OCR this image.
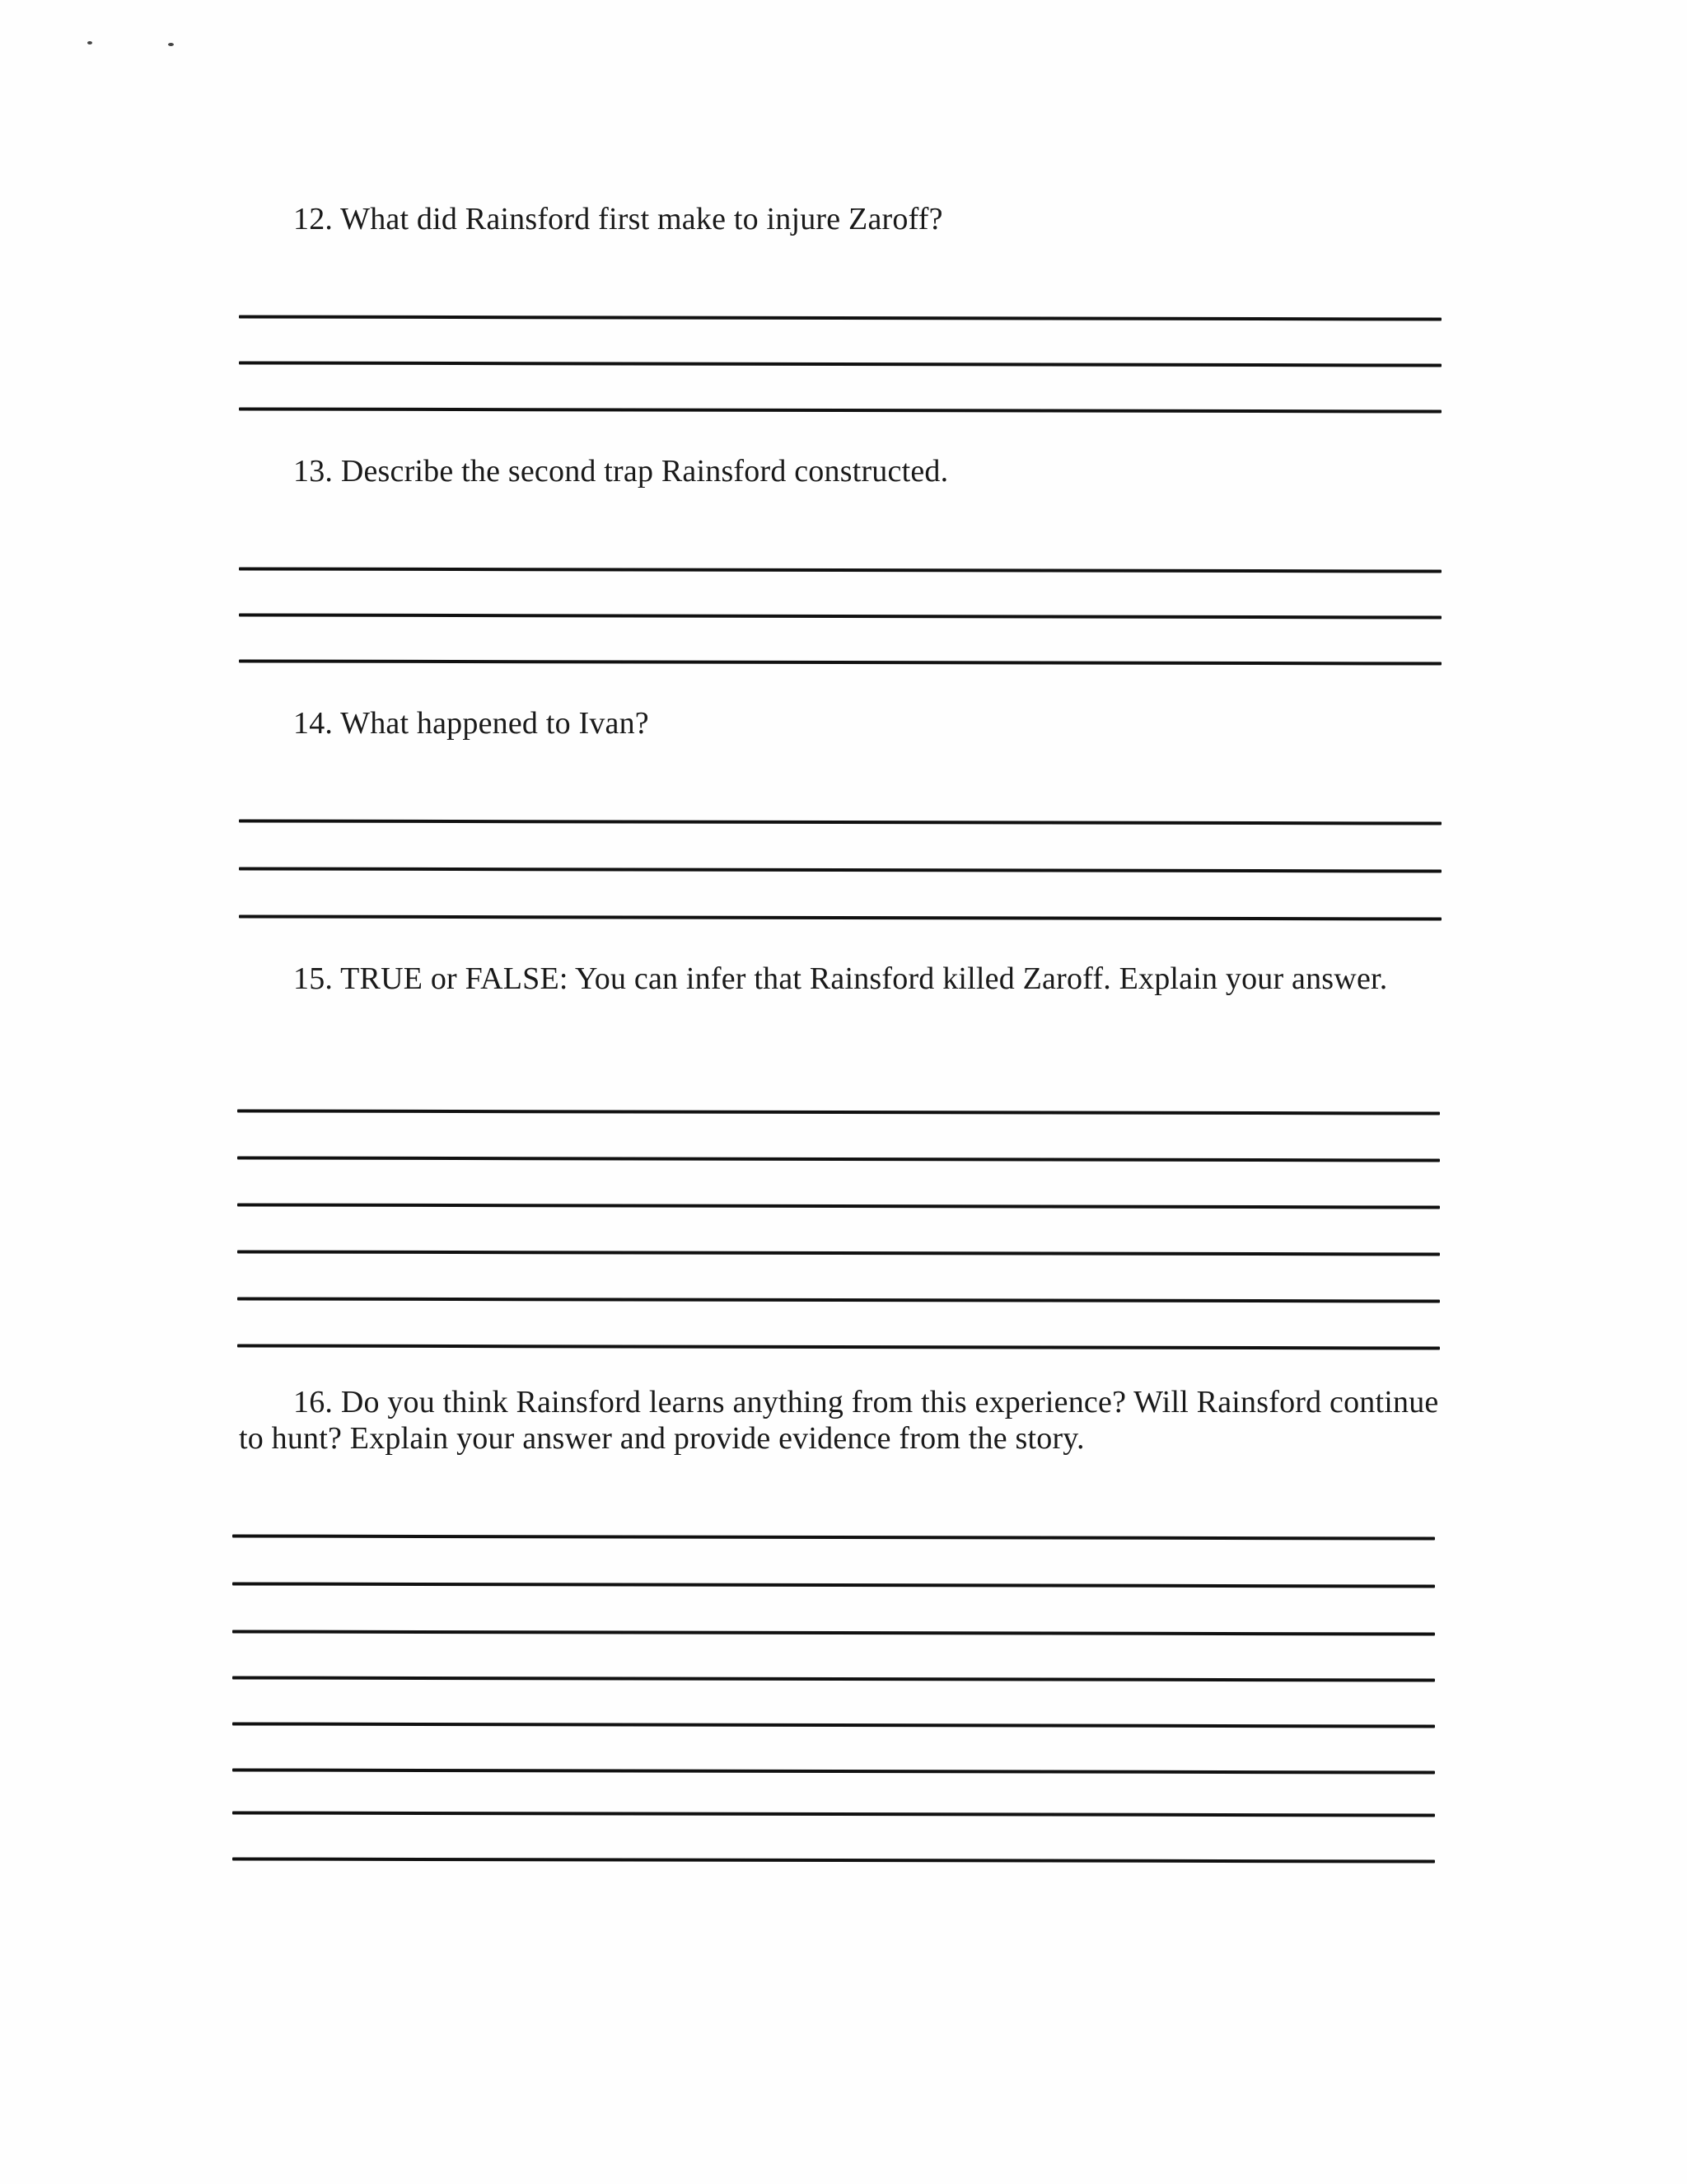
12. What did Rainsford first make to injure Zaroff?
13. Describe the second trap Rainsford constructed.
14. What happened to Ivan?
15. TRUE or FALSE: You can infer that Rainsford killed Zaroff. Explain your answer.
16. Do you think Rainsford learns anything from this experience? Will Rainsford continue to hunt? Explain your answer and provide evidence from the story.
